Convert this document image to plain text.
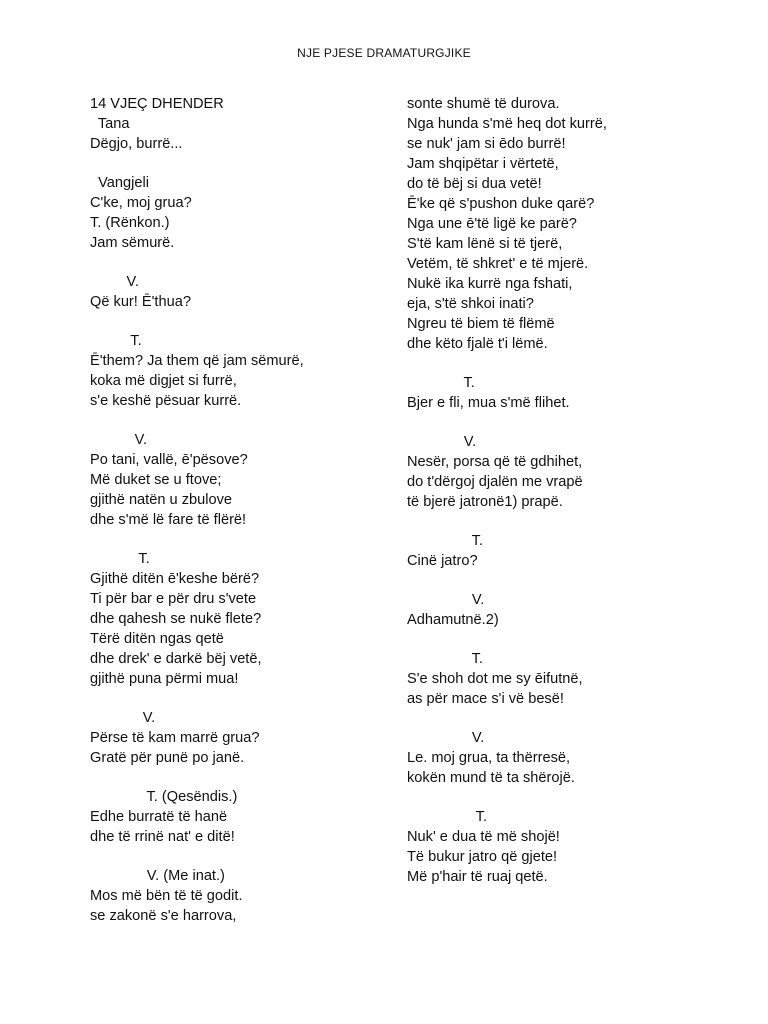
NJE PJESE DRAMATURGJIKE
14 VJEÇ DHENDER
Tana
Dëgjo, burrë...
Vangjeli
C'ke, moj grua?
T. (Rënkon.)
Jam sëmurë.
V.
Që kur! Ē'thua?
T.
Ē'them? Ja them që jam sëmurë,
koka më digjet si furrë,
s'e keshë pësuar kurrë.
V.
Po tani, vallë, ē'pësove?
Më duket se u ftove;
gjithë natën u zbulove
dhe s'më lë fare të flërë!
T.
Gjithë ditën ē'keshe bërë?
Ti për bar e për dru s'vete
dhe qahesh se nukë flete?
Tërë ditën ngas qetë
dhe drek' e darkë bëj vetë,
gjithë puna përmi mua!
V.
Përse të kam marrë grua?
Gratë për punë po janë.
T. (Qesëndis.)
Edhe burratë të hanë
dhe të rrinë nat' e ditë!
V. (Me inat.)
Mos më bën të të godit.
se zakonë s'e harrova,
sonte shumë të durova.
Nga hunda s'më heq dot kurrë,
se nuk' jam si ēdo burrë!
Jam shqipëtar i vërtetë,
do të bëj si dua vetë!
Ē'ke që s'pushon duke qarë?
Nga une ē'të ligë ke parë?
S'të kam lënë si të tjerë,
Vetëm, të shkret' e të mjerë.
Nukë ika kurrë nga fshati,
eja, s'të shkoi inati?
Ngreu të biem të flëmë
dhe këto fjalë t'i lëmë.
T.
Bjer e fli, mua s'më flihet.
V.
Nesër, porsa që të gdhihet,
do t'dërgoj djalën me vrapë
të bjerë jatronë1) prapë.
T.
Cinë jatro?
V.
Adhamutnë.2)
T.
S'e shoh dot me sy ēifutnë,
as për mace s'i vë besë!
V.
Le. moj grua, ta thërresë,
kokën mund të ta shërojë.
T.
Nuk' e dua të më shojë!
Të bukur jatro që gjete!
Më p'hair të ruaj qetë.
